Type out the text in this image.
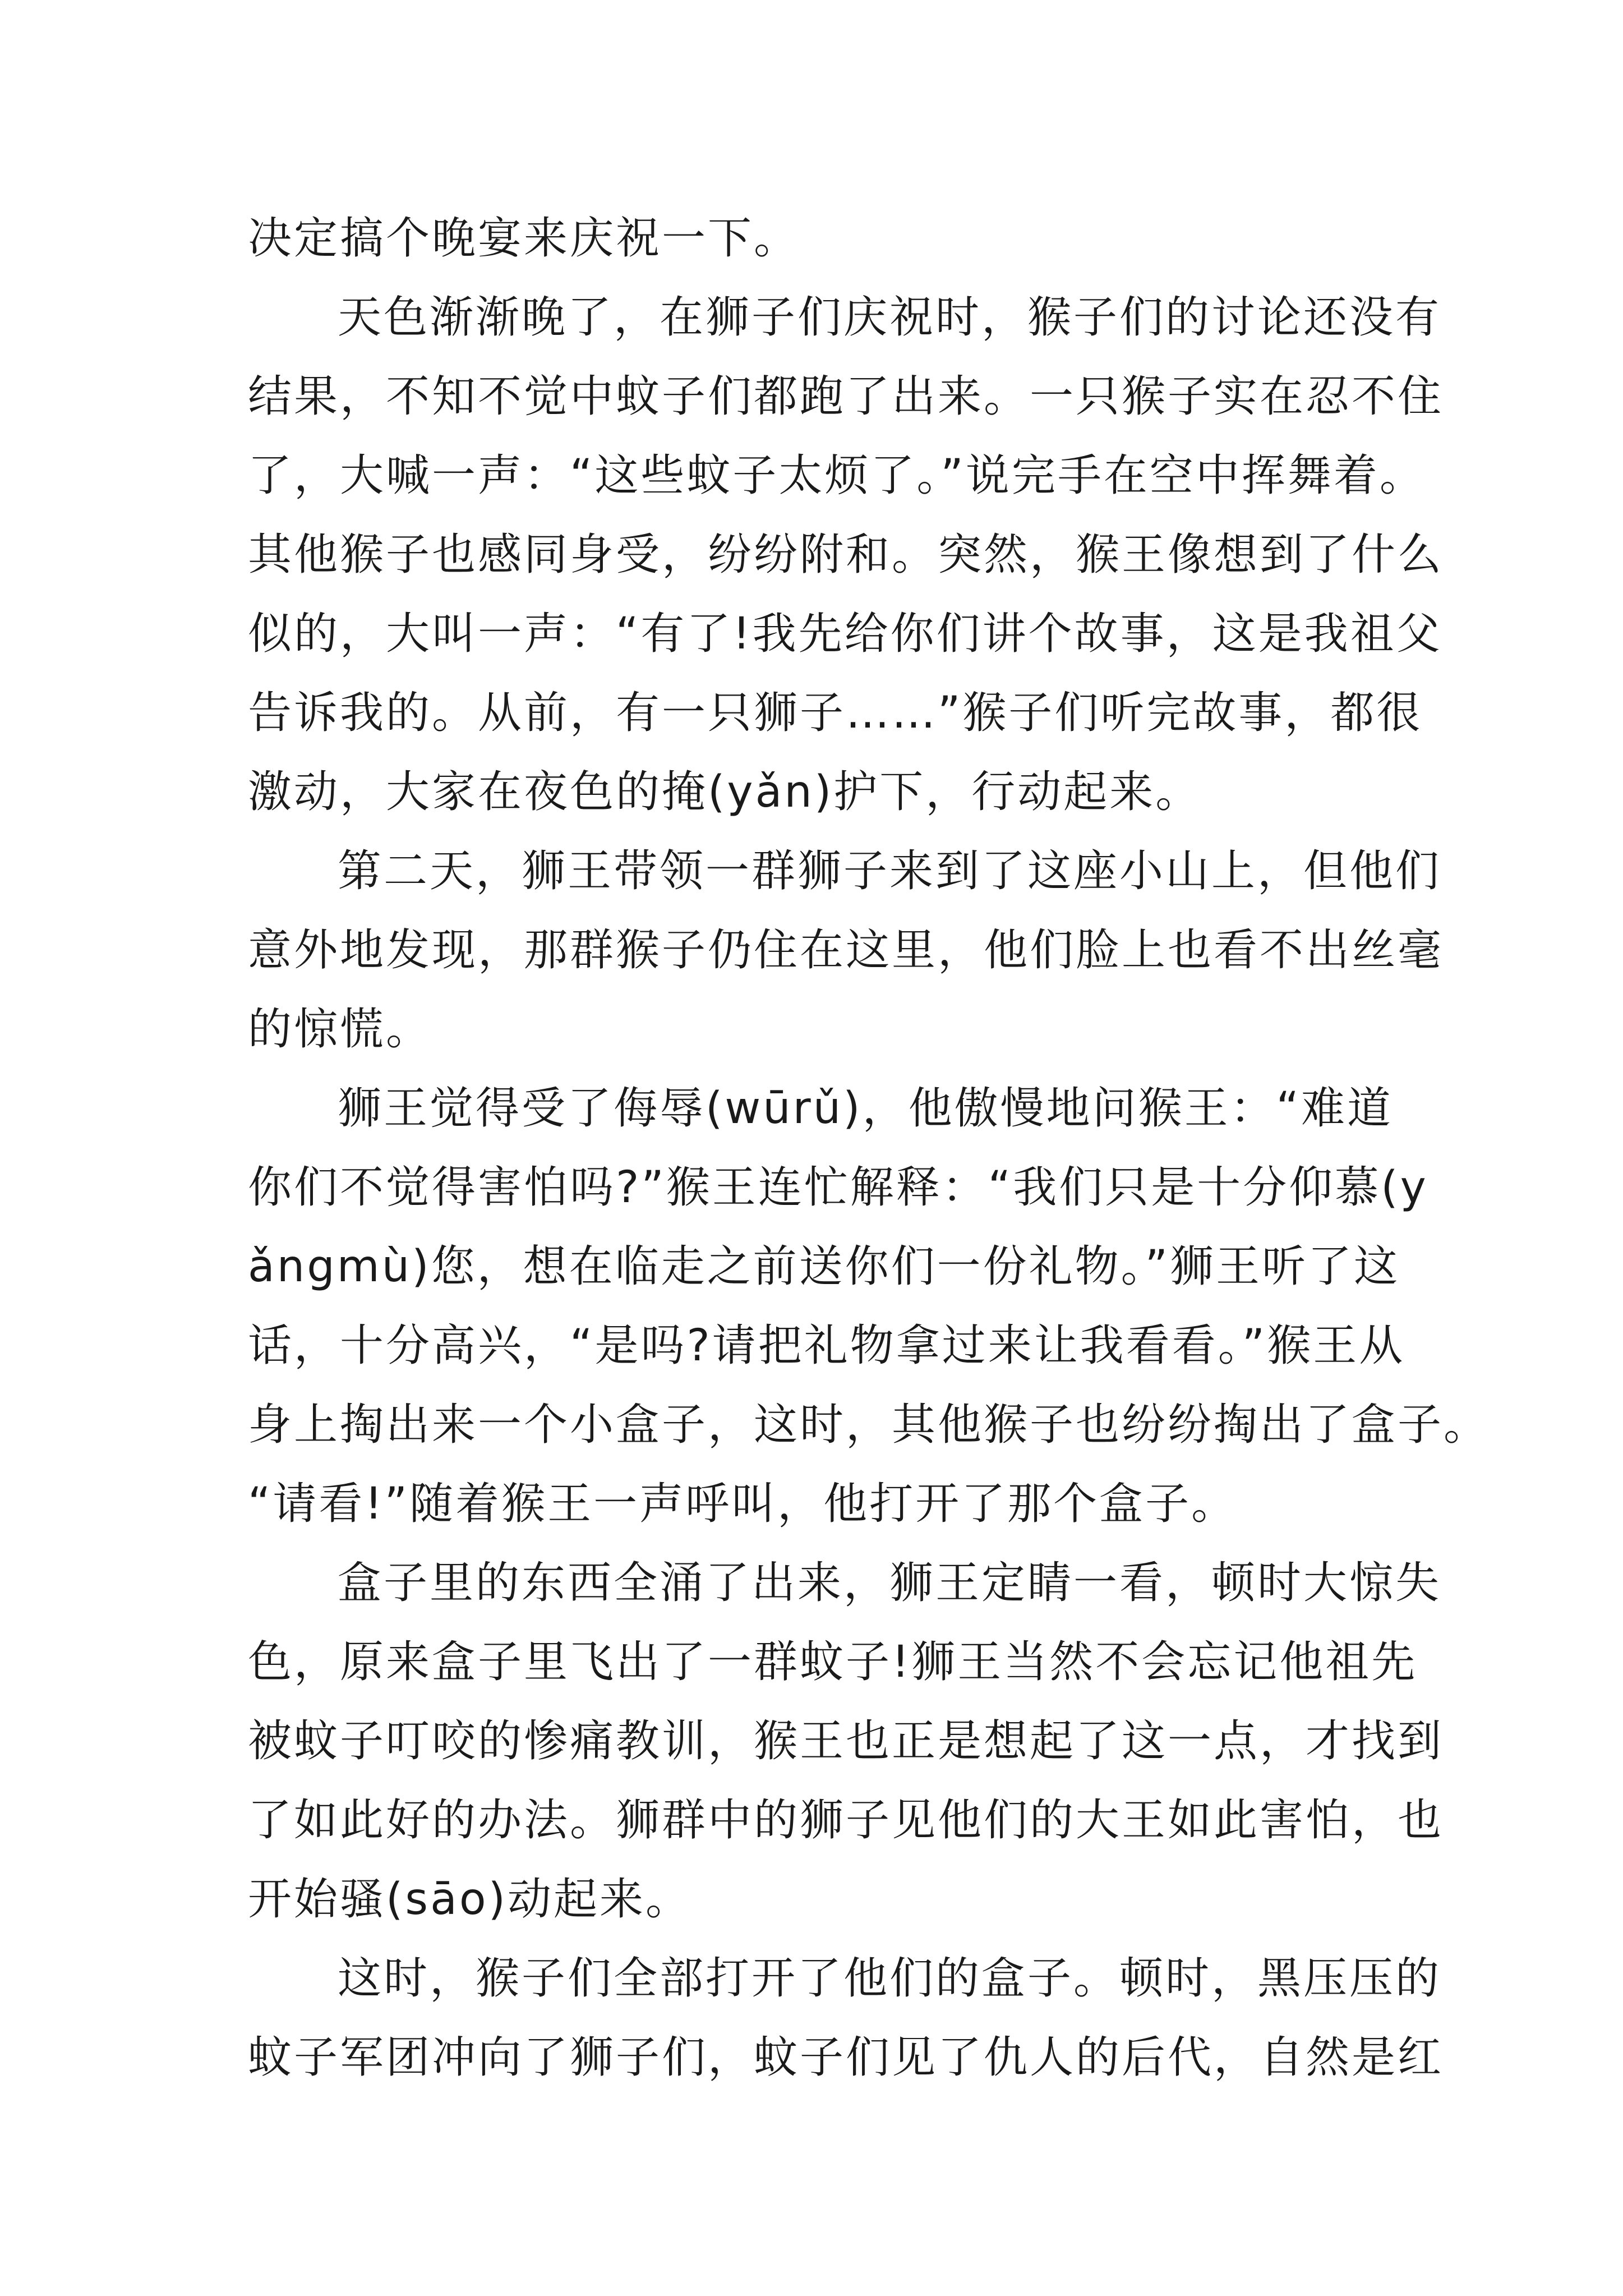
决定搞个晚宴来庆祝一下。
天色渐渐晚了，在狮子们庆祝时，猴子们的讨论还没有
结果，不知不觉中蚊子们都跑了出来。一只猴子实在忍不住
了，大喊一声：“这些蚊子太烦了。”说完手在空中挥舞着。
其他猴子也感同身受，纷纷附和。突然，猴王像想到了什么
似的，大叫一声：“有了!我先给你们讲个故事，这是我祖父
告诉我的。从前，有一只狮子……”猴子们听完故事，都很
激动，大家在夜色的掩(yǎn)护下，行动起来。
第二天，狮王带领一群狮子来到了这座小山上，但他们
意外地发现，那群猴子仍住在这里，他们脸上也看不出丝毫
的惊慌。
狮王觉得受了侮辱(wūrǔ)，他傲慢地问猴王：“难道
你们不觉得害怕吗?”猴王连忙解释：“我们只是十分仰慕(y
ǎngmù)您，想在临走之前送你们一份礼物。”狮王听了这
话，十分高兴，“是吗?请把礼物拿过来让我看看。”猴王从
身上掏出来一个小盒子，这时，其他猴子也纷纷掏出了盒子。
“请看!”随着猴王一声呼叫，他打开了那个盒子。
盒子里的东西全涌了出来，狮王定睛一看，顿时大惊失
色，原来盒子里飞出了一群蚊子!狮王当然不会忘记他祖先
被蚊子叮咬的惨痛教训，猴王也正是想起了这一点，才找到
了如此好的办法。狮群中的狮子见他们的大王如此害怕，也
开始骚(sāo)动起来。
这时，猴子们全部打开了他们的盒子。顿时，黑压压的
蚊子军团冲向了狮子们，蚊子们见了仇人的后代，自然是红
